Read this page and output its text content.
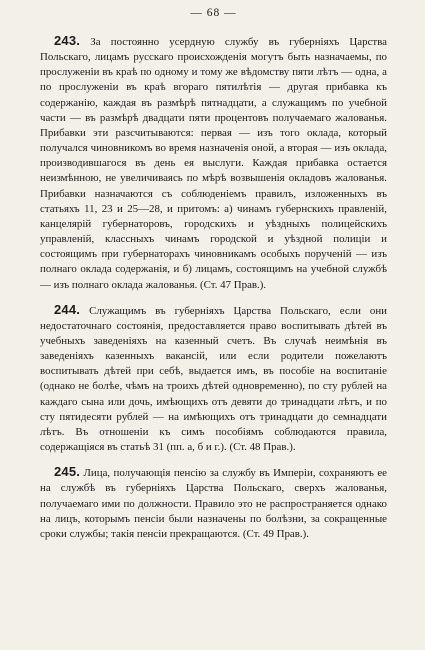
— 68 —

243. За постоянно усердную службу въ губерніяхъ Царства Польскаго, лицамъ русскаго происхожденія могутъ быть назначаемы, по прослуженіи въ краѣ по одному и тому же вѣдомству пяти лѣтъ — одна, а по прослуженіи въ краѣ вгораго пятилѣтія — другая прибавка къ содержанію, каждая въ размѣрѣ пятнадцати, а служащимъ по учебной части — въ размѣрѣ двадцати пяти процентовъ получаемаго жалованья. Прибавки эти разсчитываются: первая — изъ того оклада, который получался чиновникомъ во время назначенія оной, а вторая — изъ оклада, производившагося въ день ея выслуги. Каждая прибавка остается неизмѣнною, не увеличиваясь по мѣрѣ возвышенія окладовъ жалованья. Прибавки назначаются съ соблюденіемъ правилъ, изложенныхъ въ статьяхъ 11, 23 и 25—28, и притомъ: а) чинамъ губернскихъ правленій, канцелярій губернаторовъ, городскихъ и уѣздныхъ полицейскихъ управленій, классныхъ чинамъ городской и уѣздной полиціи и состоящимъ при губернаторахъ чиновникамъ особыхъ порученій — изъ полнаго оклада содержанія, и б) лицамъ, состоящимъ на учебной службѣ — изъ полнаго оклада жалованья. (Ст. 47 Прав.).

244. Служащимъ въ губерніяхъ Царства Польскаго, если они недостаточнаго состоянія, предоставляется право воспитывать дѣтей въ учебныхъ заведеніяхъ на казенный счетъ. Въ случаѣ неимѣнія въ заведеніяхъ казенныхъ вакансій, или если родители пожелаютъ воспитывать дѣтей при себѣ, выдается имъ, въ пособіе на воспитаніе (однако не болѣе, чѣмъ на троихъ дѣтей одновременно), по сту рублей на каждаго сына или дочь, имѣющихъ отъ девяти до тринадцати лѣтъ, и по сту пятидесяти рублей — на имѣющихъ отъ тринадцати до семнадцати лѣтъ. Въ отношеніи къ симъ пособіямъ соблюдаются правила, содержащіяся въ статьѣ 31 (пп. а, б и г.). (Ст. 48 Прав.).

245. Лица, получающія пенсію за службу въ Имперіи, сохраняютъ ее на службѣ въ губерніяхъ Царства Польскаго, сверхъ жалованья, получаемаго ими по должности. Правило это не распространяется однако на лицъ, которымъ пенсіи были назначены по болѣзни, за сокращенные сроки службы; такія пенсіи прекращаются. (Ст. 49 Прав.).
